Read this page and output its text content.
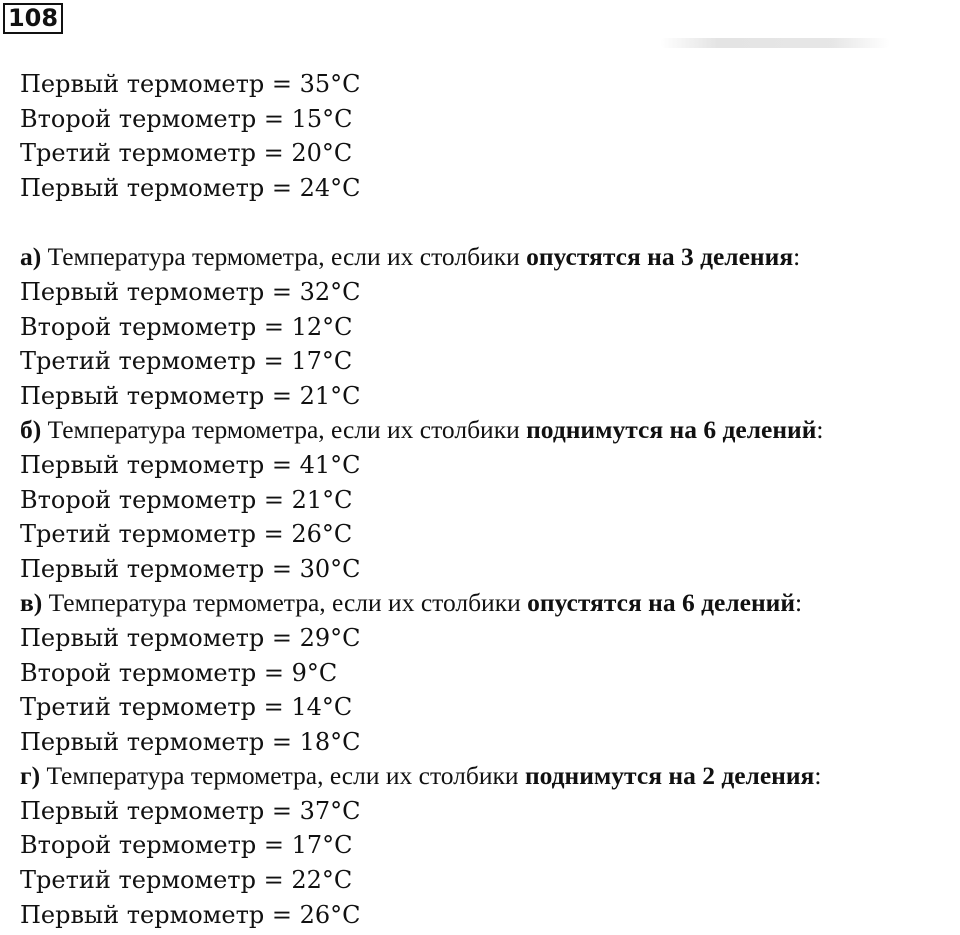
108
Первый термометр = 35°C
Второй термометр = 15°C
Третий термометр = 20°C
Первый термометр = 24°C
а) Температура термометра, если их столбики опустятся на 3 деления:
Первый термометр = 32°C
Второй термометр = 12°C
Третий термометр = 17°C
Первый термометр = 21°C
б) Температура термометра, если их столбики поднимутся на 6 делений:
Первый термометр = 41°C
Второй термометр = 21°C
Третий термометр = 26°C
Первый термометр = 30°C
в) Температура термометра, если их столбики опустятся на 6 делений:
Первый термометр = 29°C
Второй термометр = 9°C
Третий термометр = 14°C
Первый термометр = 18°C
г) Температура термометра, если их столбики поднимутся на 2 деления:
Первый термометр = 37°C
Второй термометр = 17°C
Третий термометр = 22°C
Первый термометр = 26°C
